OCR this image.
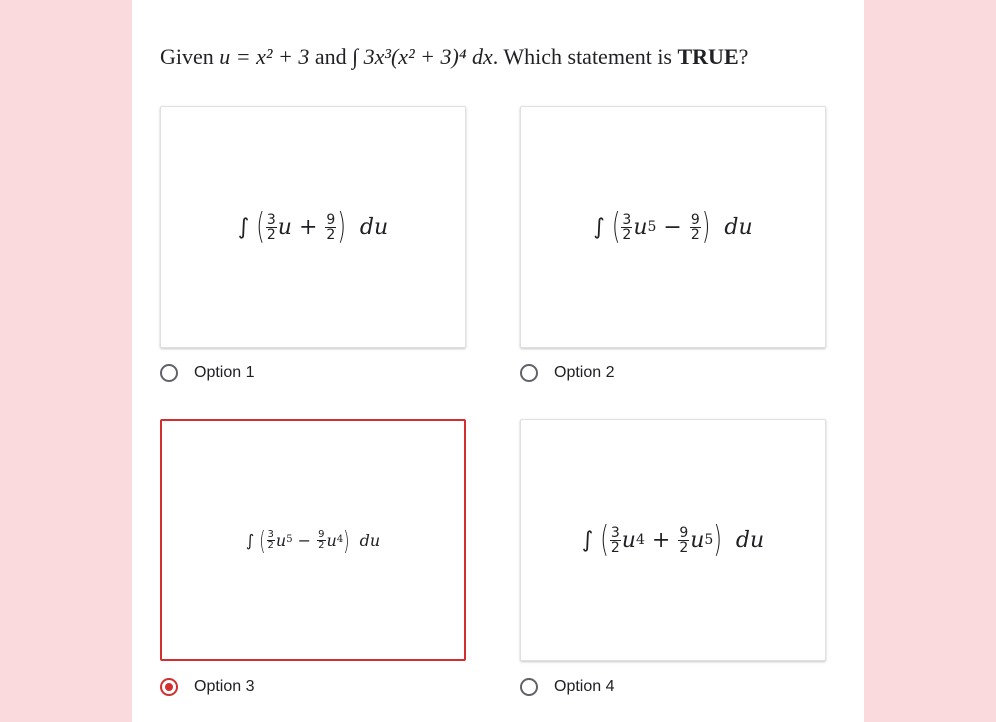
Given u = x² + 3 and ∫ 3x³(x² + 3)⁴ dx. Which statement is TRUE?
∫
( $\frac{3}{2}$ $u + \frac{9}{2}$ )
du
Option 1
∫
( $\frac{3}{2}$ u $5 - \frac{9}{2}$ )
du
Option 2
∫
( $\frac{3}{2}$ u $5 - \frac{9}{2}$ u 4 )
du
Option 3
∫
( $\frac{3}{2}$ u $4 + \frac{9}{2}$ u 5 )
du
Option 4
